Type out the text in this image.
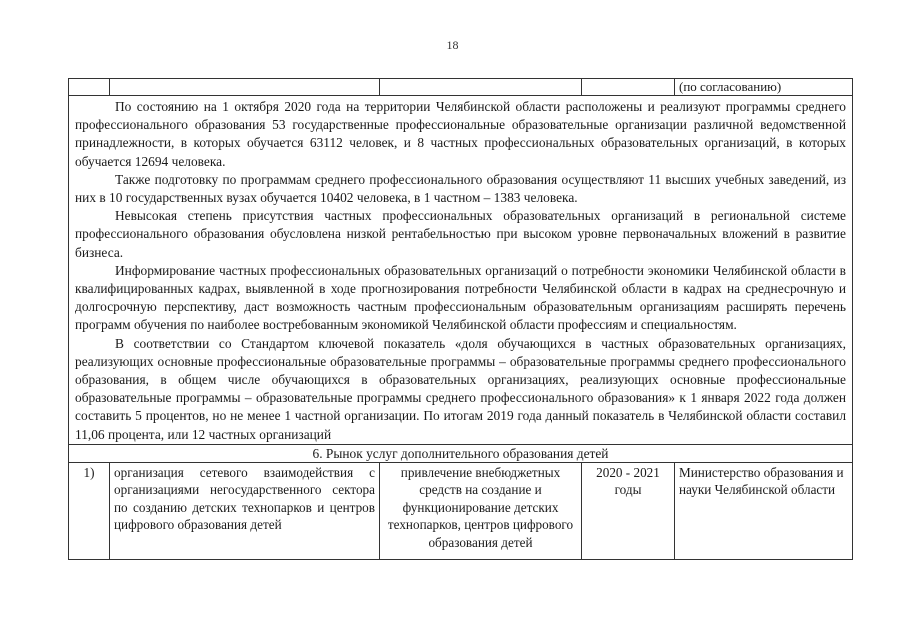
18
(по согласованию)

По состоянию на 1 октября 2020 года на территории Челябинской области расположены и реализуют программы среднего профессионального образования 53 государственные профессиональные образовательные организации различной ведомственной принадлежности, в которых обучается 63112 человек, и 8 частных профессиональных образовательных организаций, в которых обучается 12694 человека.

Также подготовку по программам среднего профессионального образования осуществляют 11 высших учебных заведений, из них в 10 государственных вузах обучается 10402 человека, в 1 частном – 1383 человека.

Невысокая степень присутствия частных профессиональных образовательных организаций в региональной системе профессионального образования обусловлена низкой рентабельностью при высоком уровне первоначальных вложений в развитие бизнеса.

Информирование частных профессиональных образовательных организаций о потребности экономики Челябинской области в квалифицированных кадрах, выявленной в ходе прогнозирования потребности Челябинской области в кадрах на среднесрочную и долгосрочную перспективу, даст возможность частным профессиональным образовательным организациям расширять перечень программ обучения по наиболее востребованным экономикой Челябинской области профессиям и специальностям.

В соответствии со Стандартом ключевой показатель «доля обучающихся в частных образовательных организациях, реализующих основные профессиональные образовательные программы – образовательные программы среднего профессионального образования, в общем числе обучающихся в образовательных организациях, реализующих основные профессиональные образовательные программы – образовательные программы среднего профессионального образования» к 1 января 2022 года должен составить 5 процентов, но не менее 1 частной организации. По итогам 2019 года данный показатель в Челябинской области составил 11,06 процента, или 12 частных организаций

6. Рынок услуг дополнительного образования детей
1)	организация сетевого взаимодействия с организациями негосударственного сектора по созданию детских технопарков и центров цифрового образования детей
привлечение внебюджетных средств на создание и функционирование детских технопарков, центров цифрового образования детей
2020 - 2021 годы
Министерство образования и науки Челябинской области
